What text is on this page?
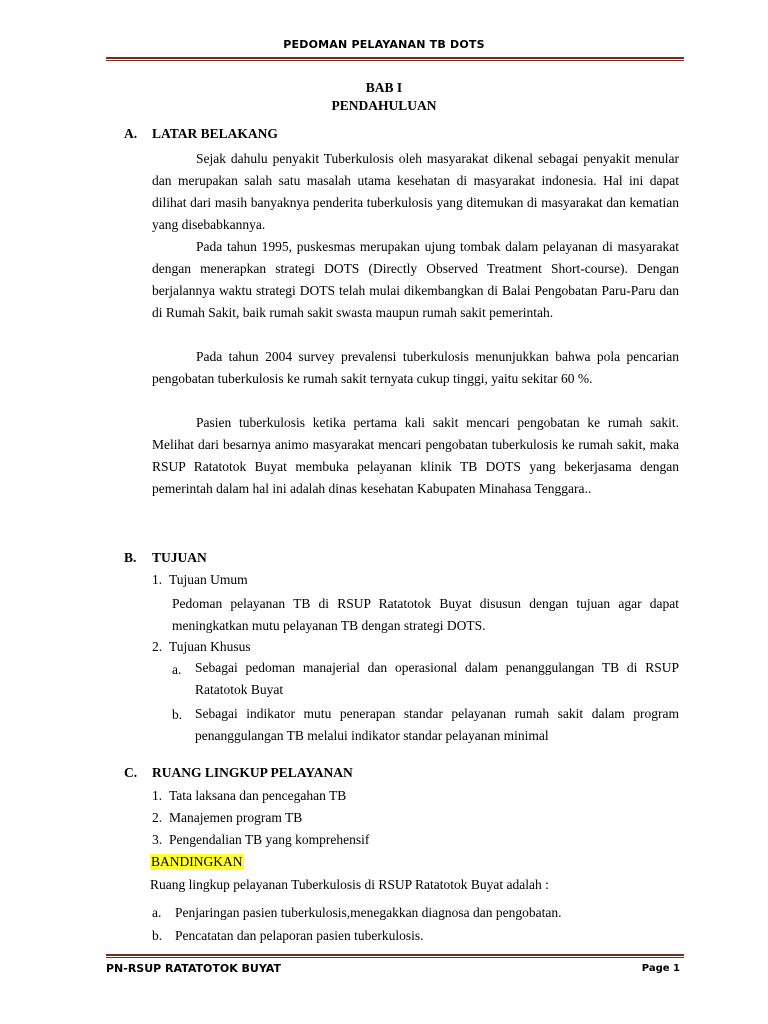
PEDOMAN PELAYANAN TB DOTS
BAB I
PENDAHULUAN
A. LATAR BELAKANG

Sejak dahulu penyakit Tuberkulosis oleh masyarakat dikenal sebagai penyakit menular dan merupakan salah satu masalah utama kesehatan di masyarakat indonesia. Hal ini dapat dilihat dari masih banyaknya penderita tuberkulosis yang ditemukan di masyarakat dan kematian yang disebabkannya.

Pada tahun 1995, puskesmas merupakan ujung tombak dalam pelayanan di masyarakat dengan menerapkan strategi DOTS (Directly Observed Treatment Short-course). Dengan berjalannya waktu strategi DOTS telah mulai dikembangkan di Balai Pengobatan Paru-Paru dan di Rumah Sakit, baik rumah sakit swasta maupun rumah sakit pemerintah.

Pada tahun 2004 survey prevalensi tuberkulosis menunjukkan bahwa pola pencarian pengobatan tuberkulosis ke rumah sakit ternyata cukup tinggi, yaitu sekitar 60 %.

Pasien tuberkulosis ketika pertama kali sakit mencari pengobatan ke rumah sakit. Melihat dari besarnya animo masyarakat mencari pengobatan tuberkulosis ke rumah sakit, maka RSUP Ratatotok Buyat membuka pelayanan klinik TB DOTS yang bekerjasama dengan pemerintah dalam hal ini adalah dinas kesehatan Kabupaten Minahasa Tenggara..

B. TUJUAN
1. Tujuan Umum

Pedoman pelayanan TB di RSUP Ratatotok Buyat disusun dengan tujuan agar dapat meningkatkan mutu pelayanan TB dengan strategi DOTS.

2. Tujuan Khusus
a. Sebagai pedoman manajerial dan operasional dalam penanggulangan TB di RSUP Ratatotok Buyat

b. Sebagai indikator mutu penerapan standar pelayanan rumah sakit dalam program penanggulangan TB melalui indikator standar pelayanan minimal

C. RUANG LINGKUP PELAYANAN
1. Tata laksana dan pencegahan TB
2. Manajemen program TB
3. Pengendalian TB yang komprehensif
BANDINGKAN
Ruang lingkup pelayanan Tuberkulosis di RSUP Ratatotok Buyat adalah :
a. Penjaringan pasien tuberkulosis,menegakkan diagnosa dan pengobatan.
b. Pencatatan dan pelaporan pasien tuberkulosis.
PN-RSUP RATATOTOK BUYAT	Page 1
